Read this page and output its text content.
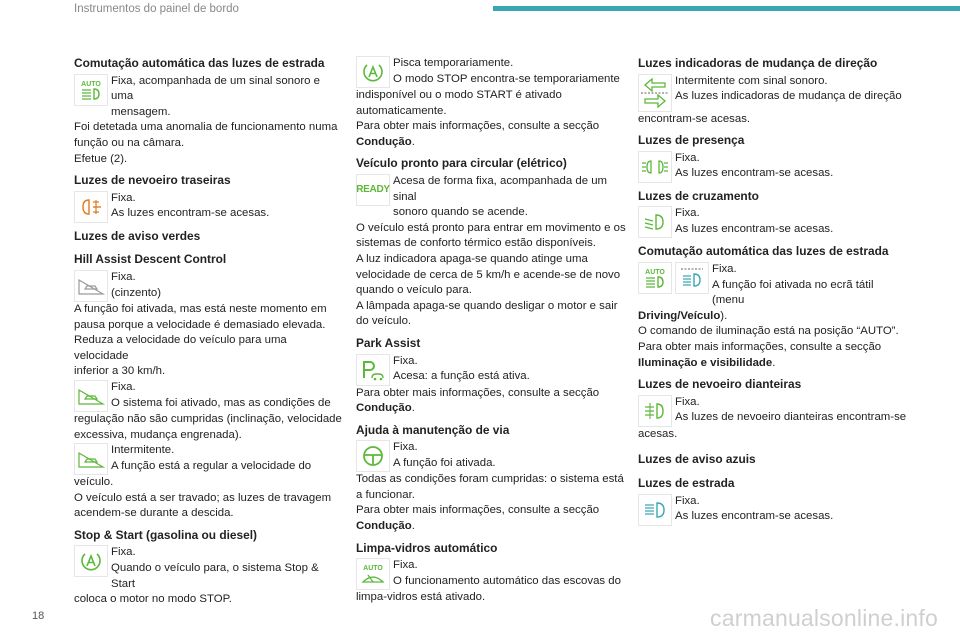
Instrumentos do painel de bordo
Comutação automática das luzes de estrada
AUTO Fixa, acompanhada de um sinal sonoro e uma
mensagem.
Foi detetada uma anomalia de funcionamento numa
função ou na câmara.
Efetue (2).
Luzes de nevoeiro traseiras
Fixa.
As luzes encontram-se acesas.
Luzes de aviso verdes
Hill Assist Descent Control
Fixa.
(cinzento)
A função foi ativada, mas está neste momento em
pausa porque a velocidade é demasiado elevada.
Reduza a velocidade do veículo para uma velocidade
inferior a 30 km/h.
Fixa.
O sistema foi ativado, mas as condições de
regulação não são cumpridas (inclinação, velocidade
excessiva, mudança engrenada).
Intermitente.
A função está a regular a velocidade do
veículo.
O veículo está a ser travado; as luzes de travagem
acendem-se durante a descida.
Stop & Start (gasolina ou diesel)
Fixa.
Quando o veículo para, o sistema Stop & Start
coloca o motor no modo STOP.
Pisca temporariamente.
O modo STOP encontra-se temporariamente
indisponível ou o modo START é ativado
automaticamente.
Para obter mais informações, consulte a secção
Condução.
Veículo pronto para circular (elétrico)
READY
Acesa de forma fixa, acompanhada de um sinal
sonoro quando se acende.
O veículo está pronto para entrar em movimento e os
sistemas de conforto térmico estão disponíveis.
A luz indicadora apaga-se quando atinge uma
velocidade de cerca de 5 km/h e acende-se de novo
quando o veículo para.
A lâmpada apaga-se quando desligar o motor e sair
do veículo.
Park Assist
Fixa.
Acesa: a função está ativa.
Para obter mais informações, consulte a secção
Condução.
Ajuda à manutenção de via
Fixa.
A função foi ativada.
Todas as condições foram cumpridas: o sistema está
a funcionar.
Para obter mais informações, consulte a secção
Condução.
Limpa-vidros automático
AUTO Fixa.
O funcionamento automático das escovas do
limpa-vidros está ativado.
Luzes indicadoras de mudança de direção
Intermitente com sinal sonoro.
As luzes indicadoras de mudança de direção
encontram-se acesas.
Luzes de presença
Fixa.
As luzes encontram-se acesas.
Luzes de cruzamento
Fixa.
As luzes encontram-se acesas.
Comutação automática das luzes de estrada
AUTO	Fixa.
A função foi ativada no ecrã tátil (menu
Driving/Veículo).
O comando de iluminação está na posição “AUTO”.
Para obter mais informações, consulte a secção
Iluminação e visibilidade.
Luzes de nevoeiro dianteiras
Fixa.
As luzes de nevoeiro dianteiras encontram-se
acesas.
Luzes de aviso azuis
Luzes de estrada
Fixa.
As luzes encontram-se acesas.
18	carmanualsonline.info
